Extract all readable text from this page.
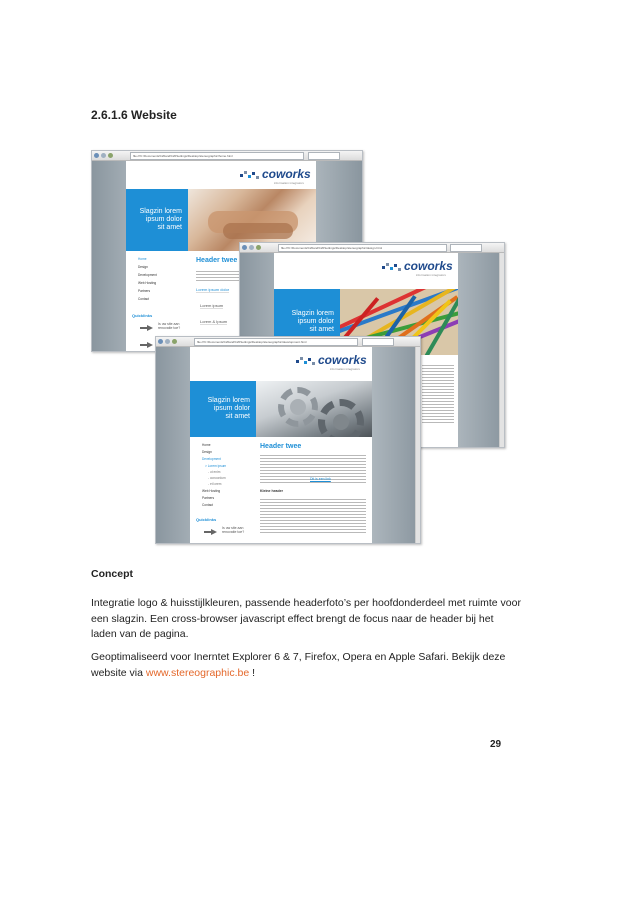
2.6.1.6 Website
file:///C:/Documents%20and%20Settings/Desktop/stereographic/home.html
coworks
information integrators
Slagzin lorem
ipsum dolor
sit amet
Home
Design
Development
Web Hosting
Partners
Contact
Quicklinks
Is uw site aan
renovatie toe?
Header twee
Lorem ipsum dolor
Lorem ipsum
Lorem & Ipsum
file:///C:/Documents%20and%20Settings/Desktop/stereographic/design.html
coworks
information integrators
Slagzin lorem
ipsum dolor
sit amet
file:///C:/Documents%20and%20Settings/Desktop/stereographic/development.html
coworks
information integrators
Slagzin lorem
ipsum dolor
sit amet
Home
Design
Development
> Lorem ipsum
- ut enim
- concordum
- et lorem
Web Hosting
Partners
Contact
Quicklinks
Is uw site aan
renovatie toe?
Header twee
Dit is een link
Kleine header
Concept
Integratie logo & huisstijlkleuren, passende headerfoto’s per hoofdonderdeel met ruimte voor een slagzin. Een cross-browser javascript effect brengt de focus naar de header bij het laden van de pagina.
Geoptimaliseerd voor Inerntet Explorer 6 & 7, Firefox, Opera en Apple Safari. Bekijk deze website via www.stereographic.be !
29
